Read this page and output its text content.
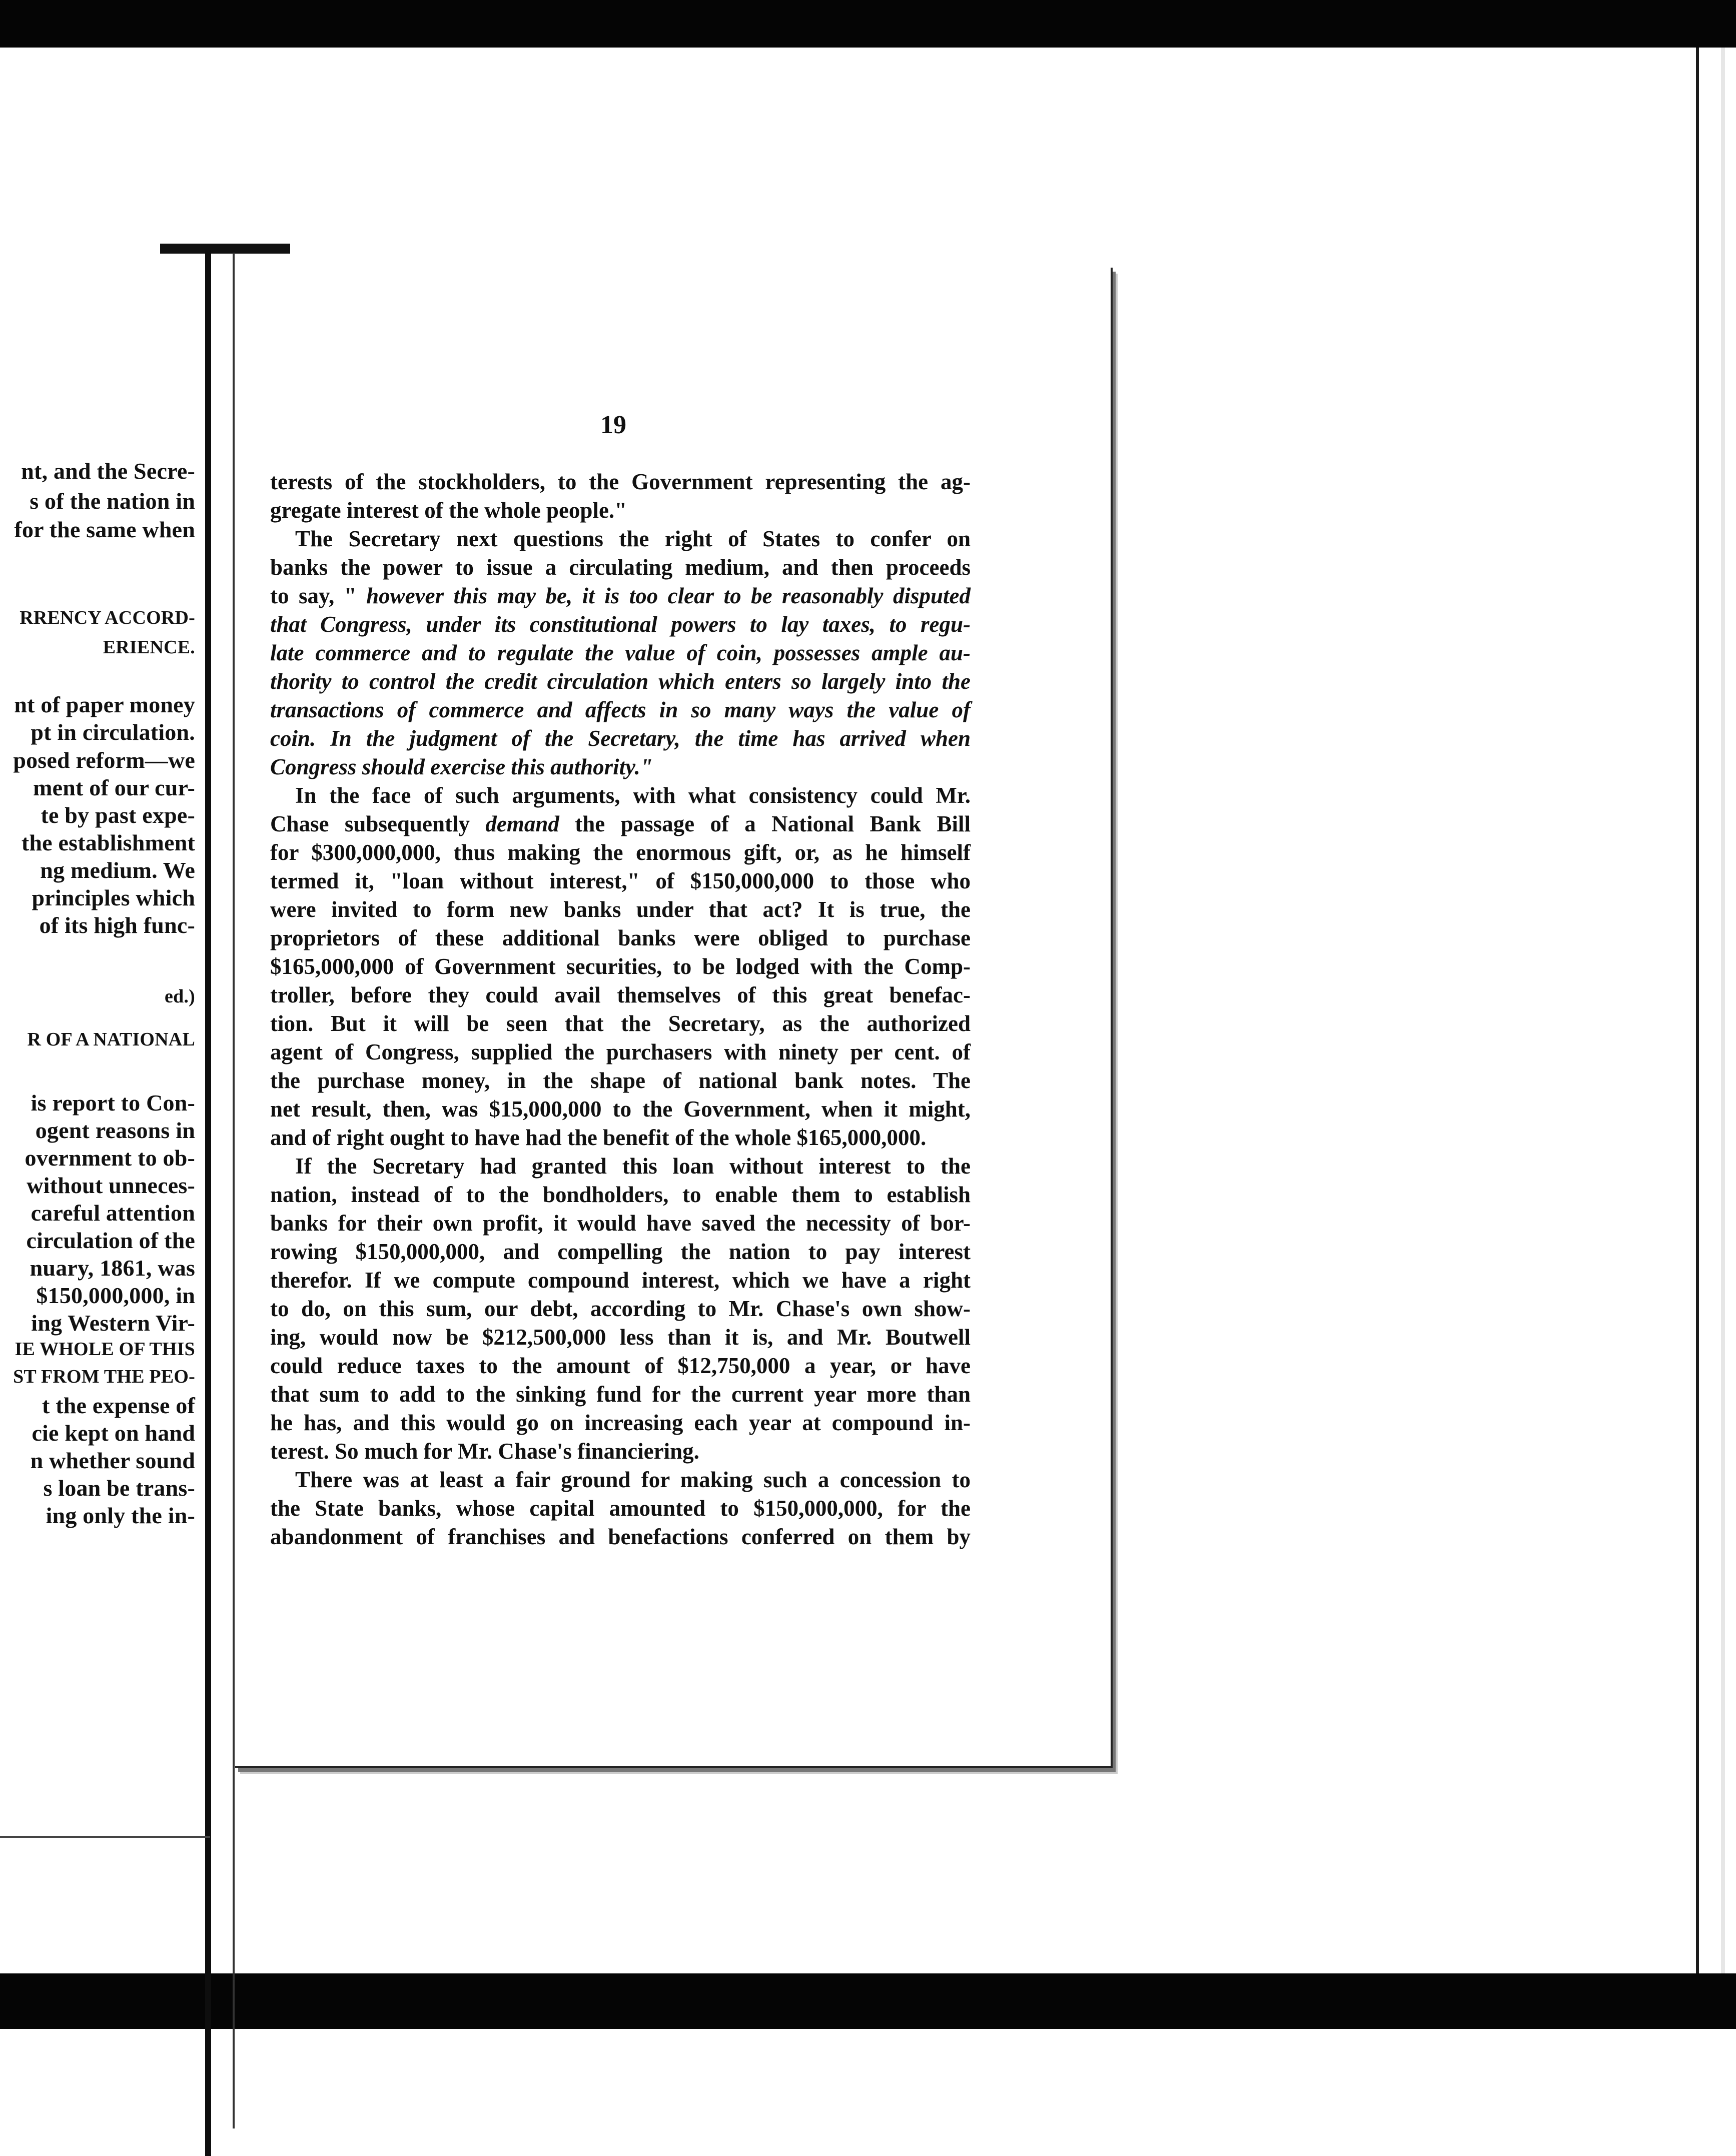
nt, and the Secre-
s of the nation in
for the same when
RRENCY ACCORD-
ERIENCE.
nt of paper money
pt in circulation.
posed reform—we
ment of our cur-
te by past expe-
the establishment
ng medium. We
principles which
of its high func-
ed.)
R OF A NATIONAL
is report to Con-
ogent reasons in
overnment to ob-
without unneces-
careful attention
circulation of the
nuary, 1861, was
$150,000,000, in
ing Western Vir-
IE WHOLE OF THIS
ST FROM THE PEO-
t the expense of
cie kept on hand
n whether sound
s loan be trans-
ing only the in-
19
terests of the stockholders, to the Government representing the ag-
gregate interest of the whole people."
The Secretary next questions the right of States to confer on
banks the power to issue a circulating medium, and then proceeds
to say, " however this may be, it is too clear to be reasonably disputed
that Congress, under its constitutional powers to lay taxes, to regu-
late commerce and to regulate the value of coin, possesses ample au-
thority to control the credit circulation which enters so largely into the
transactions of commerce and affects in so many ways the value of
coin. In the judgment of the Secretary, the time has arrived when
Congress should exercise this authority."
In the face of such arguments, with what consistency could Mr.
Chase subsequently demand the passage of a National Bank Bill
for $300,000,000, thus making the enormous gift, or, as he himself
termed it, "loan without interest," of $150,000,000 to those who
were invited to form new banks under that act? It is true, the
proprietors of these additional banks were obliged to purchase
$165,000,000 of Government securities, to be lodged with the Comp-
troller, before they could avail themselves of this great benefac-
tion. But it will be seen that the Secretary, as the authorized
agent of Congress, supplied the purchasers with ninety per cent. of
the purchase money, in the shape of national bank notes. The
net result, then, was $15,000,000 to the Government, when it might,
and of right ought to have had the benefit of the whole $165,000,000.
If the Secretary had granted this loan without interest to the
nation, instead of to the bondholders, to enable them to establish
banks for their own profit, it would have saved the necessity of bor-
rowing $150,000,000, and compelling the nation to pay interest
therefor. If we compute compound interest, which we have a right
to do, on this sum, our debt, according to Mr. Chase's own show-
ing, would now be $212,500,000 less than it is, and Mr. Boutwell
could reduce taxes to the amount of $12,750,000 a year, or have
that sum to add to the sinking fund for the current year more than
he has, and this would go on increasing each year at compound in-
terest. So much for Mr. Chase's financiering.
There was at least a fair ground for making such a concession to
the State banks, whose capital amounted to $150,000,000, for the
abandonment of franchises and benefactions conferred on them by
